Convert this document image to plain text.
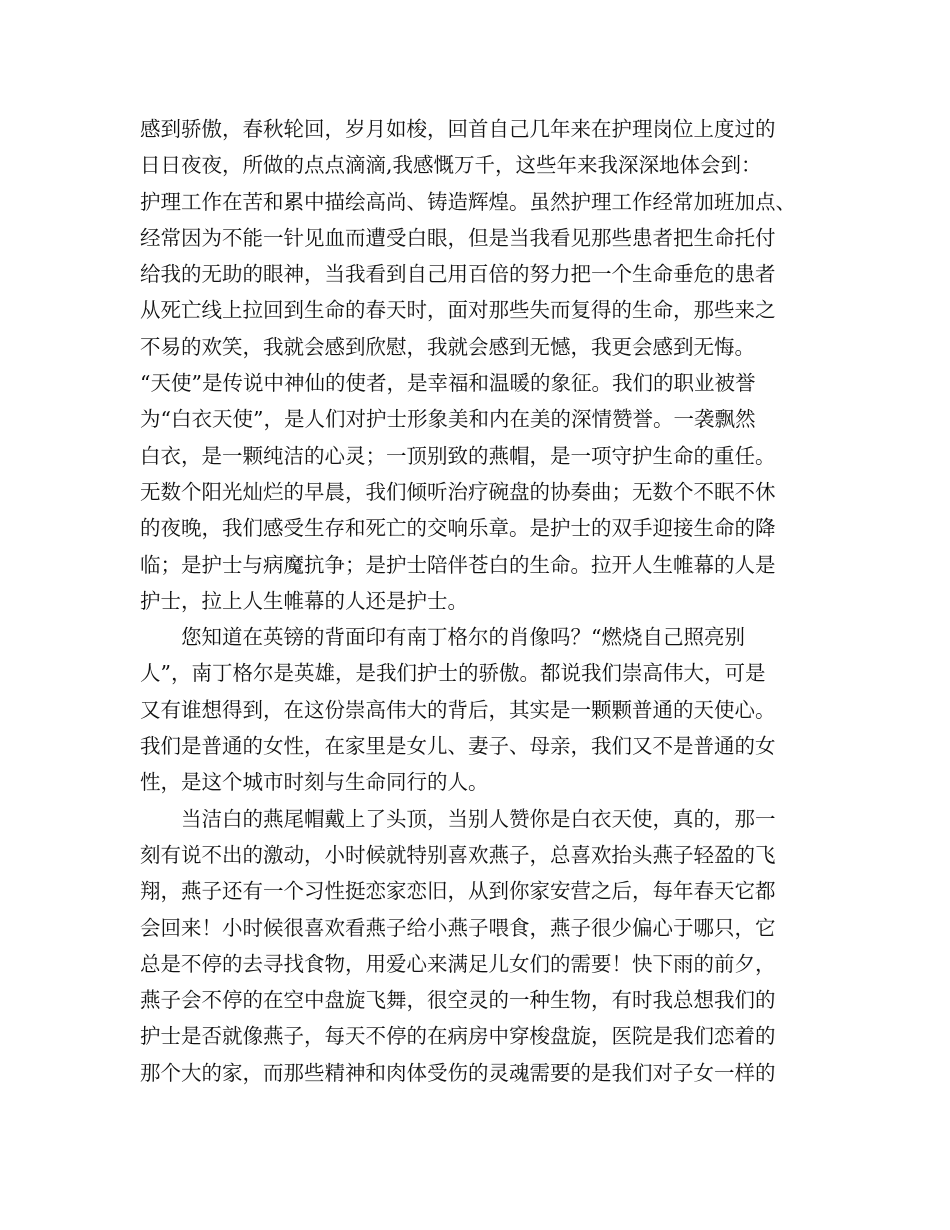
感到骄傲，春秋轮回，岁月如梭，回首自己几年来在护理岗位上度过的
日日夜夜，所做的点点滴滴,我感慨万千，这些年来我深深地体会到：
护理工作在苦和累中描绘高尚、铸造辉煌。虽然护理工作经常加班加点、
经常因为不能一针见血而遭受白眼，但是当我看见那些患者把生命托付
给我的无助的眼神，当我看到自己用百倍的努力把一个生命垂危的患者
从死亡线上拉回到生命的春天时，面对那些失而复得的生命，那些来之
不易的欢笑，我就会感到欣慰，我就会感到无憾，我更会感到无悔。
“天使”是传说中神仙的使者，是幸福和温暖的象征。我们的职业被誉
为“白衣天使”，是人们对护士形象美和内在美的深情赞誉。一袭飘然
白衣，是一颗纯洁的心灵；一顶别致的燕帽，是一项守护生命的重任。
无数个阳光灿烂的早晨，我们倾听治疗碗盘的协奏曲；无数个不眠不休
的夜晚，我们感受生存和死亡的交响乐章。是护士的双手迎接生命的降
临；是护士与病魔抗争；是护士陪伴苍白的生命。拉开人生帷幕的人是
护士，拉上人生帷幕的人还是护士。
　　您知道在英镑的背面印有南丁格尔的肖像吗？“燃烧自己照亮别
人”，南丁格尔是英雄，是我们护士的骄傲。都说我们崇高伟大，可是
又有谁想得到，在这份崇高伟大的背后，其实是一颗颗普通的天使心。
我们是普通的女性，在家里是女儿、妻子、母亲，我们又不是普通的女
性，是这个城市时刻与生命同行的人。
　　当洁白的燕尾帽戴上了头顶，当别人赞你是白衣天使，真的，那一
刻有说不出的激动，小时候就特别喜欢燕子，总喜欢抬头燕子轻盈的飞
翔，燕子还有一个习性挺恋家恋旧，从到你家安营之后，每年春天它都
会回来！小时候很喜欢看燕子给小燕子喂食，燕子很少偏心于哪只，它
总是不停的去寻找食物，用爱心来满足儿女们的需要！快下雨的前夕，
燕子会不停的在空中盘旋飞舞，很空灵的一种生物，有时我总想我们的
护士是否就像燕子，每天不停的在病房中穿梭盘旋，医院是我们恋着的
那个大的家，而那些精神和肉体受伤的灵魂需要的是我们对子女一样的
